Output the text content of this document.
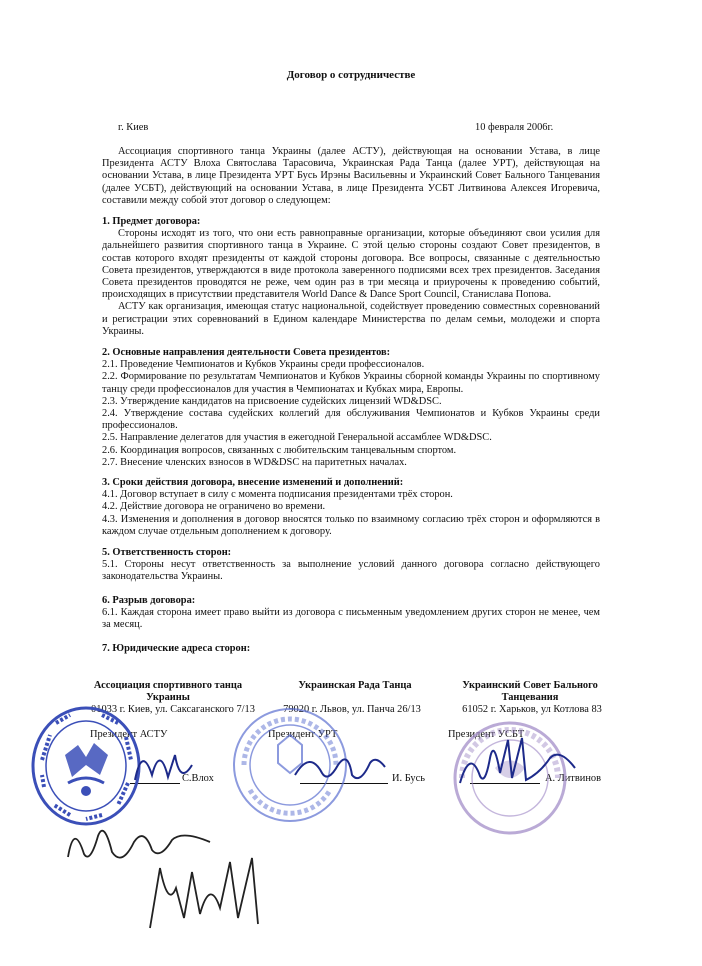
Договор о сотрудничестве
г. Киев	10 февраля 2006г.

Ассоциация спортивного танца Украины (далее АСТУ), действующая на основании Устава, в лице Президента АСТУ Влоха Святослава Тарасовича, Украинская Рада Танца (далее УРТ), действующая на основании Устава, в лице Президента УРТ Бусь Ирэны Васильевны и Украинский Совет Бального Танцевания (далее УСБТ), действующий на основании Устава, в лице Президента УСБТ Литвинова Алексея Игоревича, составили между собой этот договор о следующем:

1. Предмет договора:

Стороны исходят из того, что они есть равноправные организации, которые объединяют свои усилия для дальнейшего развития спортивного танца в Украине. С этой целью стороны создают Совет президентов, в состав которого входят президенты от каждой стороны договора. Все вопросы, связанные с деятельностью Совета президентов, утверждаются в виде протокола заверенного подписями всех трех президентов. Заседания Совета президентов проводятся не реже, чем один раз в три месяца и приурочены к проведению событий, происходящих в присутствии представителя World Dance & Dance Sport Council, Станислава Попова.

АСТУ как организация, имеющая статус национальной, содействует проведению совместных соревнований и регистрации этих соревнований в Едином календаре Министерства по делам семьи, молодежи и спорта Украины.

2. Основные направления деятельности Совета президентов:

2.1. Проведение Чемпионатов и Кубков Украины среди профессионалов.

2.2. Формирование по результатам Чемпионатов и Кубков Украины сборной команды Украины по спортивному танцу среди профессионалов для участия в Чемпионатах и Кубках мира, Европы.

2.3. Утверждение кандидатов на присвоение судейских лицензий WD&DSC.

2.4. Утверждение состава судейских коллегий для обслуживания Чемпионатов и Кубков Украины среди профессионалов.

2.5. Направление делегатов для участия в ежегодной Генеральной ассамблее WD&DSC.

2.6. Координация вопросов, связанных с любительским танцевальным спортом.

2.7. Внесение членских взносов в WD&DSC на паритетных началах.

3. Сроки действия договора, внесение изменений и дополнений:

4.1. Договор вступает в силу с момента подписания президентами трёх сторон.

4.2. Действие договора не ограничено во времени.

4.3. Изменения и дополнения в договор вносятся только по взаимному согласию трёх сторон и оформляются в каждом случае отдельным дополнением к договору.

5. Ответственность сторон:

5.1. Стороны несут ответственность за выполнение условий данного договора согласно действующего законодательства Украины.

6. Разрыв договора:

6.1. Каждая сторона имеет право выйти из договора с письменным уведомлением других сторон не менее, чем за месяц.

7. Юридические адреса сторон:

Ассоциация спортивного танца Украины
01033 г. Киев, ул. Саксаганского 7/13
Президент АСТУ
С.Влох
Украинская Рада Танца
79020 г. Львов, ул. Панча 26/13
Президент УРТ
И. Бусь
Украинский Совет Бального Танцевания
61052 г. Харьков, ул Котлова 83
Президент УСБТ
А. Литвинов
